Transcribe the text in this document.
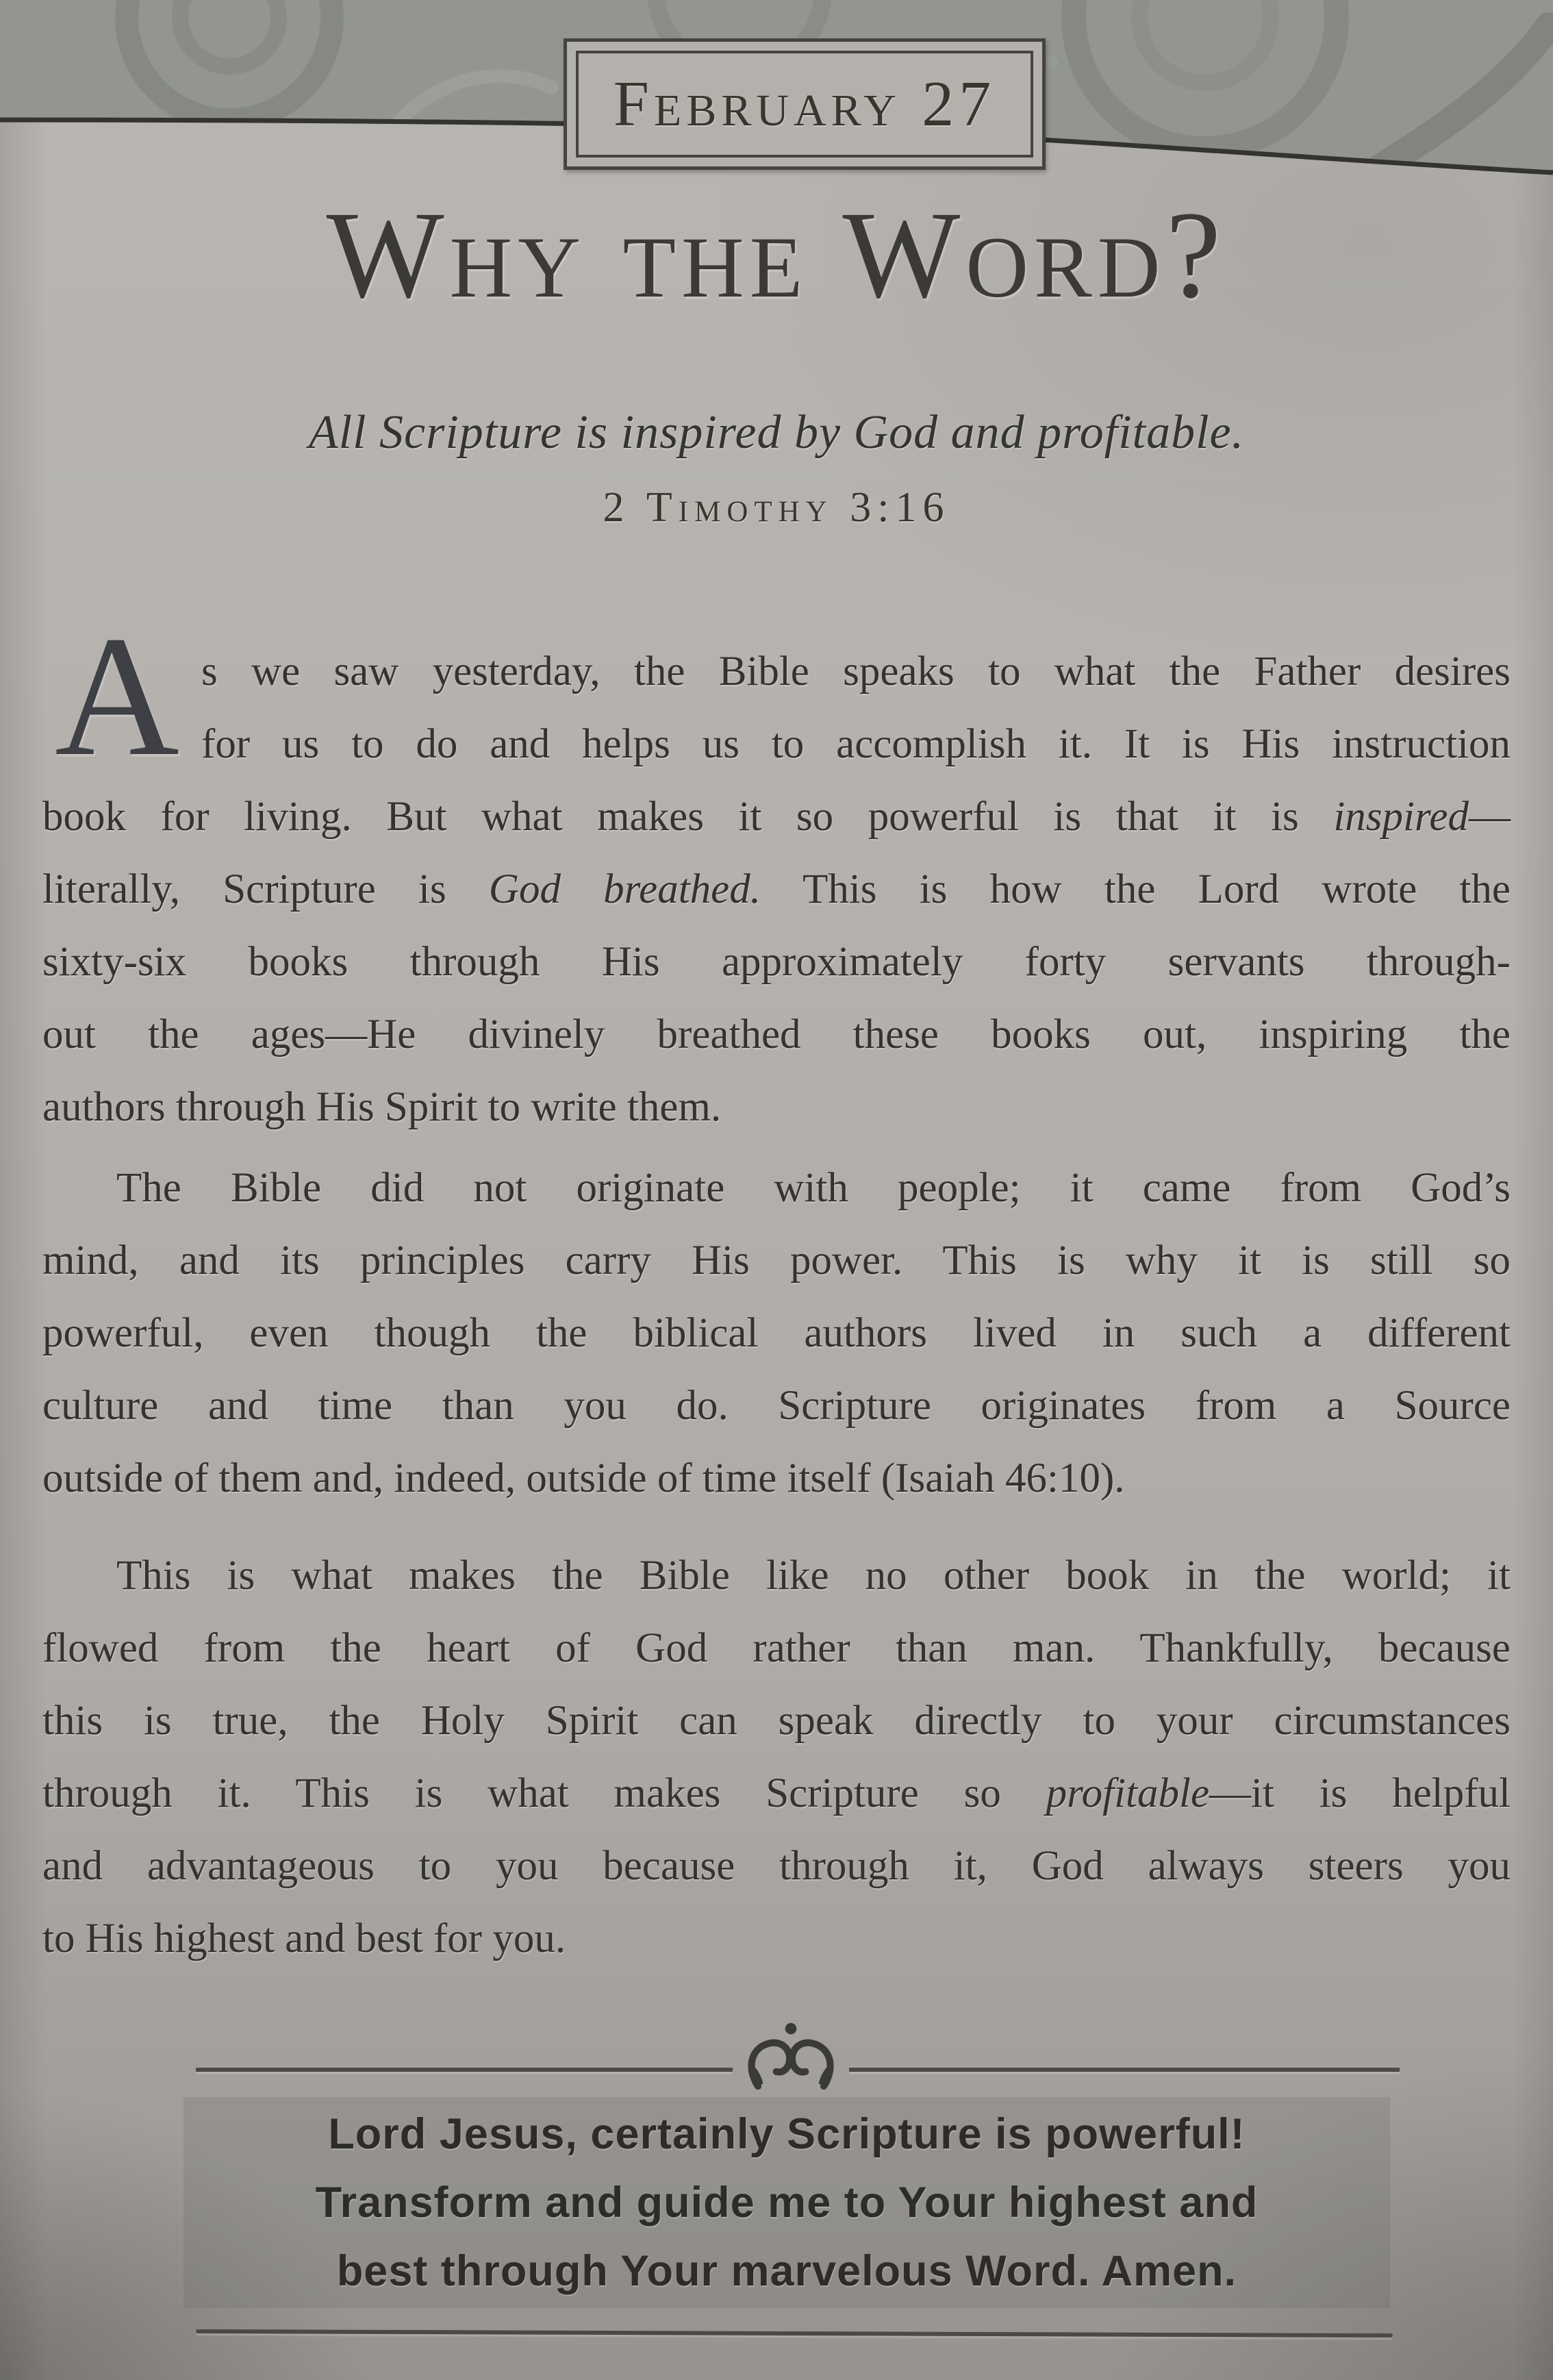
February 27
Why the Word?
All Scripture is inspired by God and profitable.
2 Timothy 3:16
A s we saw yesterday, the Bible speaks to what the Father desires
for us to do and helps us to accomplish it. It is His instruction
book for living. But what makes it so powerful is that it is inspired—
literally, Scripture is God breathed. This is how the Lord wrote the
sixty-six books through His approximately forty servants through-
out the ages—He divinely breathed these books out, inspiring the
authors through His Spirit to write them.
The Bible did not originate with people; it came from God’s
mind, and its principles carry His power. This is why it is still so
powerful, even though the biblical authors lived in such a different
culture and time than you do. Scripture originates from a Source
outside of them and, indeed, outside of time itself (Isaiah 46:10).
This is what makes the Bible like no other book in the world; it
flowed from the heart of God rather than man. Thankfully, because
this is true, the Holy Spirit can speak directly to your circumstances
through it. This is what makes Scripture so profitable—it is helpful
and advantageous to you because through it, God always steers you
to His highest and best for you.
Lord Jesus, certainly Scripture is powerful!
Transform and guide me to Your highest and
best through Your marvelous Word. Amen.
